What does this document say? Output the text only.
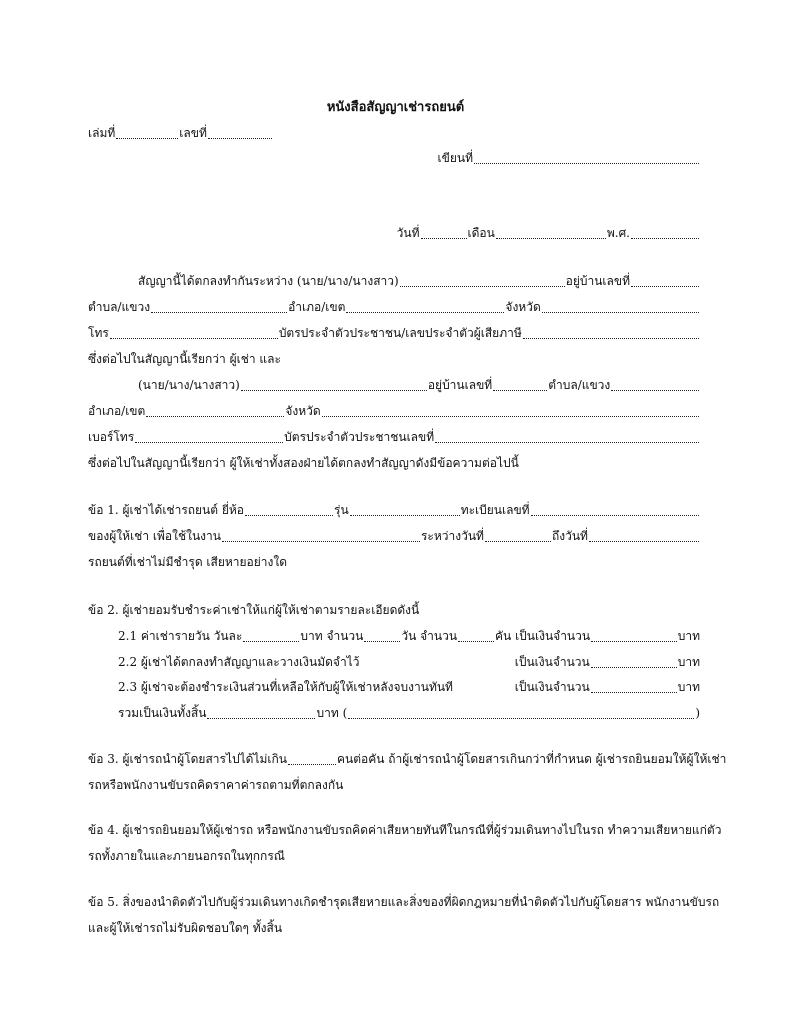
หนังสือสัญญาเช่ารถยนต์
เล่มที่	เลขที่
เขียนที่
วันที่	เดือน	พ.ศ.
สัญญานี้ได้ตกลงทำกันระหว่าง (นาย/นาง/นางสาว)	อยู่บ้านเลขที่
ตำบล/แขวง	อำเภอ/เขต	จังหวัด
โทร	บัตรประจำตัวประชาชน/เลขประจำตัวผู้เสียภาษี
ซึ่งต่อไปในสัญญานี้เรียกว่า ผู้เช่า และ
(นาย/นาง/นางสาว)	อยู่บ้านเลขที่	ตำบล/แขวง
อำเภอ/เขต	จังหวัด
เบอร์โทร	บัตรประจำตัวประชาชนเลขที่
ซึ่งต่อไปในสัญญานี้เรียกว่า ผู้ให้เช่าทั้งสองฝ่ายได้ตกลงทำสัญญาดังมีข้อความต่อไปนี้
ข้อ 1. ผู้เช่าได้เช่ารถยนต์ ยี่ห้อ	รุ่น	ทะเบียนเลขที่
ของผู้ให้เช่า เพื่อใช้ในงาน	ระหว่างวันที่	ถึงวันที่
รถยนต์ที่เช่าไม่มีชำรุด เสียหายอย่างใด
ข้อ 2. ผู้เช่ายอมรับชำระค่าเช่าให้แก่ผู้ให้เช่าตามรายละเอียดดังนี้
2.1 ค่าเช่ารายวัน วันละ	บาท จำนวน	วัน จำนวน	คัน เป็นเงินจำนวน	บาท
2.2 ผู้เช่าได้ตกลงทำสัญญาและวางเงินมัดจำไว้	เป็นเงินจำนวน	บาท
2.3 ผู้เช่าจะต้องชำระเงินส่วนที่เหลือให้กับผู้ให้เช่าหลังจบงานทันที	เป็นเงินจำนวน	บาท
รวมเป็นเงินทั้งสิ้น	บาท (	)
ข้อ 3. ผู้เช่ารถนำผู้โดยสารไปได้ไม่เกิน	คนต่อคัน ถ้าผู้เช่ารถนำผู้โดยสารเกินกว่าที่กำหนด ผู้เช่ารถยินยอมให้ผู้ให้เช่า
รถหรือพนักงานขับรถคิดราคาค่ารถตามที่ตกลงกัน
ข้อ 4. ผู้เช่ารถยินยอมให้ผู้เช่ารถ หรือพนักงานขับรถคิดค่าเสียหายทันทีในกรณีที่ผู้ร่วมเดินทางไปในรถ ทำความเสียหายแก่ตัว
รถทั้งภายในและภายนอกรถในทุกกรณี
ข้อ 5. สิ่งของนำติดตัวไปกับผู้ร่วมเดินทางเกิดชำรุดเสียหายและสิ่งของที่ผิดกฎหมายที่นำติดตัวไปกับผู้โดยสาร พนักงานขับรถ
และผู้ให้เช่ารถไม่รับผิดชอบใดๆ ทั้งสิ้น
